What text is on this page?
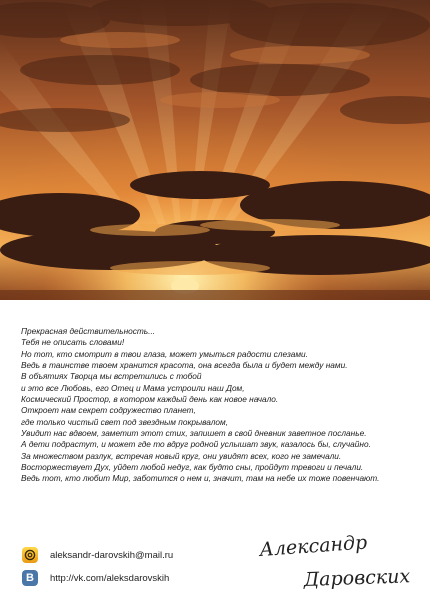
Прекрасная действительность...
Тебя не описать словами!
Но тот, кто смотрит в твои глаза, может умыться радости слезами.
Ведь в таинстве твоем хранится красота, она всегда была и будет между нами.
В объятиях Творца мы встретились с тобой
и это все Любовь, его Отец и Мама устроили наш Дом,
Космический Простор, в котором каждый день как новое начало.
Откроет нам секрет содружество планет,
где только чистый свет под звездным покрывалом,
Увидит нас вдвоем, заметит этот стих, запишет в свой дневник заветное посланье.
А дети подрастут, и может где то вдруг родной услышат звук, казалось бы, случайно.
За множеством разлук, встречая новый круг, они увидят всех, кого не замечали.
Восторжествует Дух, уйдет любой недуг, как будто сны, пройдут тревоги и печали.
Ведь тот, кто любит Мир, заботится о нем и, значит, там на небе их тоже повенчают.
aleksandr-darovskih@mail.ru
B	http://vk.com/aleksdarovskih
Александр
Даровских
